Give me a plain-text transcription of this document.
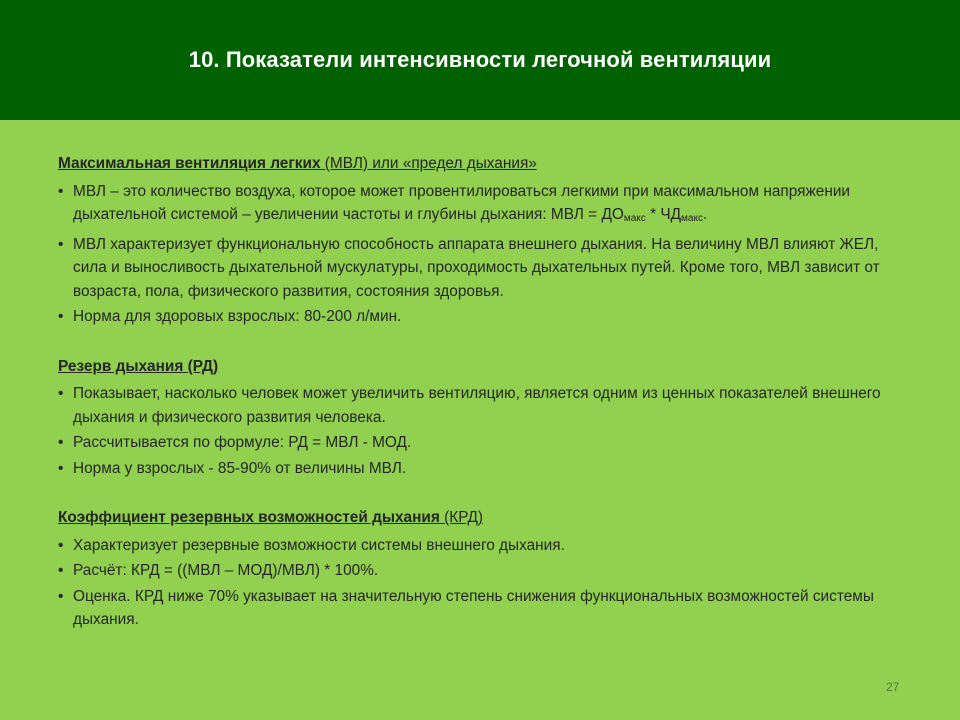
10. Показатели интенсивности легочной вентиляции
Максимальная вентиляция легких (МВЛ) или «предел дыхания»
• МВЛ – это количество воздуха, которое может провентилироваться легкими при максимальном напряжении дыхательной системой – увеличении частоты и глубины дыхания: МВЛ = $ДО_{макс} * ЧД_{макс}$.
• МВЛ характеризует функциональную способность аппарата внешнего дыхания. На величину МВЛ влияют ЖЕЛ, сила и выносливость дыхательной мускулатуры, проходимость дыхательных путей. Кроме того, МВЛ зависит от возраста, пола, физического развития, состояния здоровья.
• Норма для здоровых взрослых: 80-200 л/мин.
Резерв дыхания (РД)
• Показывает, насколько человек может увеличить вентиляцию, является одним из ценных показателей внешнего дыхания и физического развития человека.
• Рассчитывается по формуле: РД = МВЛ - МОД.
• Норма у взрослых - 85-90% от величины МВЛ.
Коэффициент резервных возможностей дыхания (КРД)
• Характеризует резервные возможности системы внешнего дыхания.
• Расчёт: КРД = ((МВЛ – МОД)/МВЛ) * 100%.
• Оценка. КРД ниже 70% указывает на значительную степень снижения функциональных возможностей системы дыхания.
27
